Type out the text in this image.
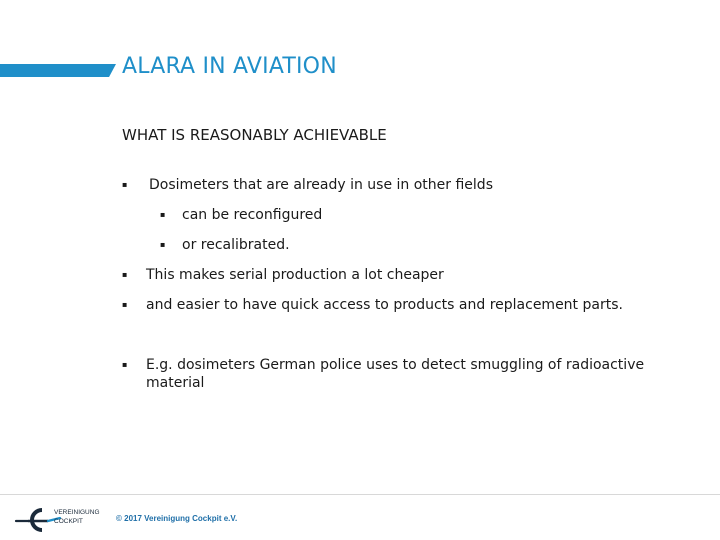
ALARA IN AVIATION
WHAT IS REASONABLY ACHIEVABLE
▪ Dosimeters that are already in use in other fields
▪ can be reconfigured
▪ or recalibrated.
▪ This makes serial production a lot cheaper
▪ and easier to have quick access to products and replacement parts.
▪ E.g. dosimeters German police uses to detect smuggling of radioactive material
VEREINIGUNG
COCKPIT	© 2017 Vereinigung Cockpit e.V.
